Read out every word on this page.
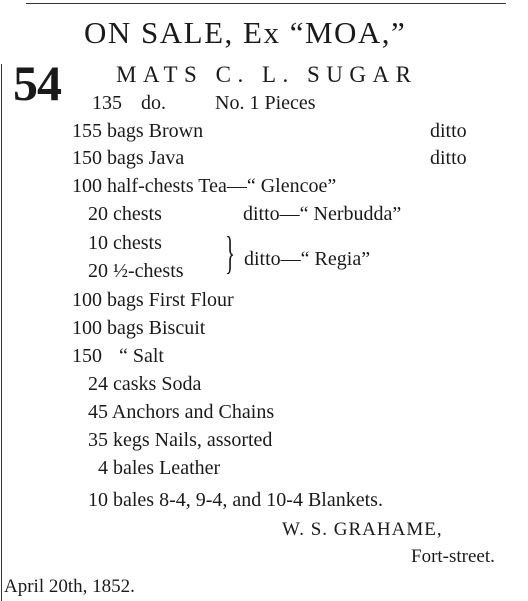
ON SALE, Ex “MOA,”
54 MATS C. L. SUGAR
135 do. No. 1 Pieces
155 bags Brown	ditto
150 bags Java	ditto
100 half-chests Tea—“ Glencoe”
20 chests	ditto—“ Nerbudda”
10 chests
20 ½-chests } ditto—“ Regia”
100 bags First Flour
100 bags Biscuit
150 “ Salt
24 casks Soda
45 Anchors and Chains
35 kegs Nails, assorted
4 bales Leather
10 bales 8-4, 9-4, and 10-4 Blankets.
W. S. GRAHAME,
Fort-street.
April 20th, 1852.
